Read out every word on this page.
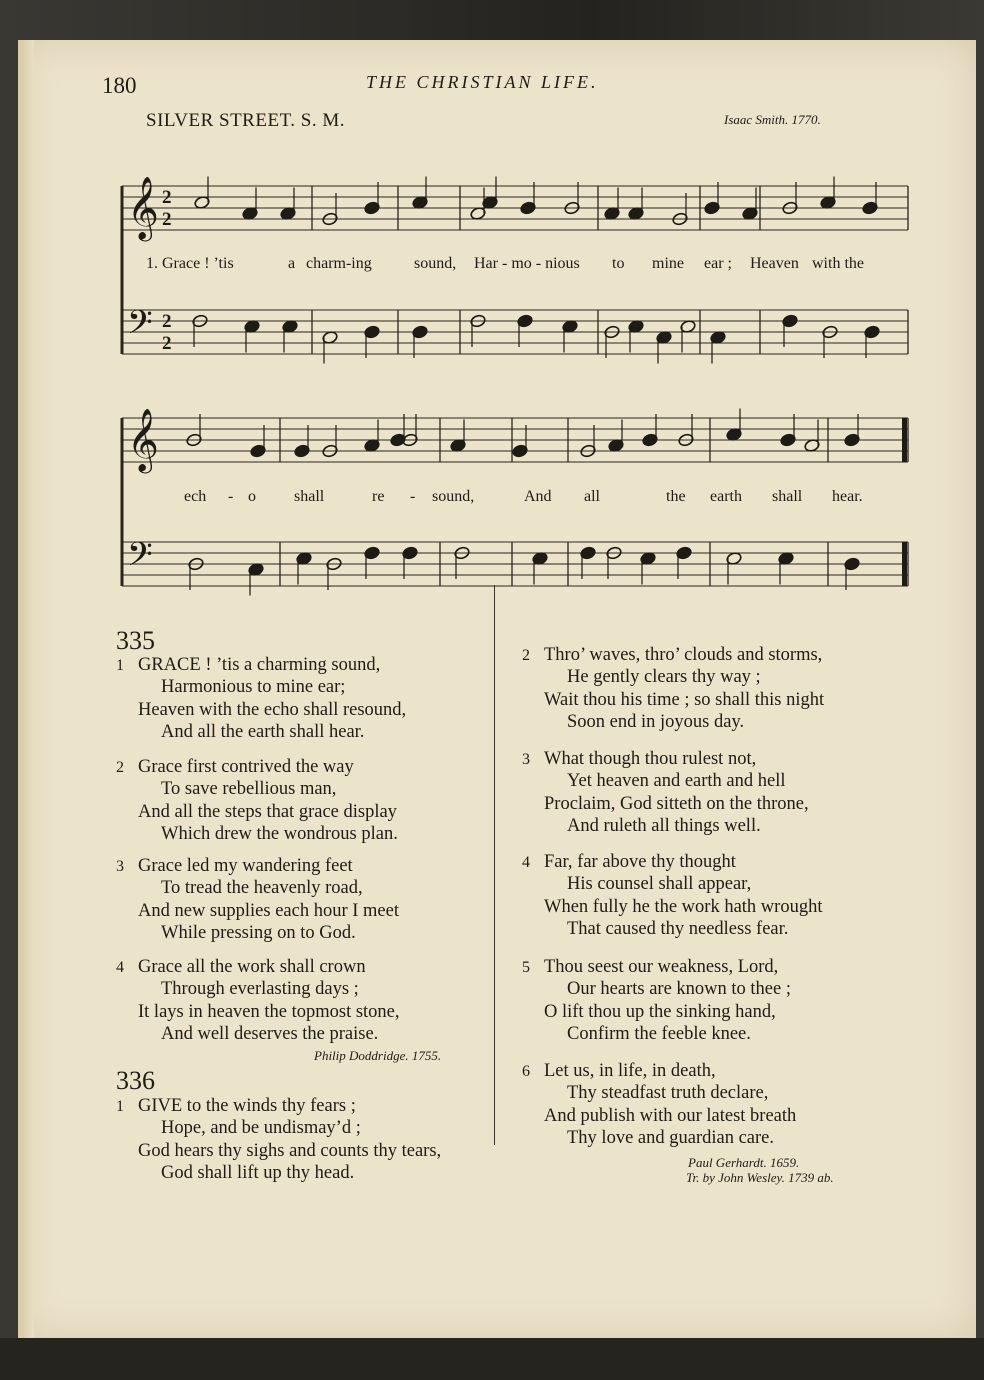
180	THE CHRISTIAN LIFE.
SILVER STREET. S. M.	Isaac Smith. 1770.
𝄞 2
2
𝄢 2
2
𝄞
𝄢
1. Grace ! ’tis	a charm-ing	sound, Har - mo - nious to mine ear ; Heaven with the
ech - o shall	re - sound,	And all	the earth shall hear.
335
1 GRACE ! ’tis a charming sound,
Harmonious to mine ear;
Heaven with the echo shall resound,
And all the earth shall hear.
2 Grace first contrived the way
To save rebellious man,
And all the steps that grace display
Which drew the wondrous plan.
3 Grace led my wandering feet
To tread the heavenly road,
And new supplies each hour I meet
While pressing on to God.
4 Grace all the work shall crown
Through everlasting days ;
It lays in heaven the topmost stone,
And well deserves the praise.
Philip Doddridge. 1755.
336
1 GIVE to the winds thy fears ;
Hope, and be undismay’d ;
God hears thy sighs and counts thy tears,
God shall lift up thy head.
2 Thro’ waves, thro’ clouds and storms,
He gently clears thy way ;
Wait thou his time ; so shall this night
Soon end in joyous day.
3 What though thou rulest not,
Yet heaven and earth and hell
Proclaim, God sitteth on the throne,
And ruleth all things well.
4 Far, far above thy thought
His counsel shall appear,
When fully he the work hath wrought
That caused thy needless fear.
5 Thou seest our weakness, Lord,
Our hearts are known to thee ;
O lift thou up the sinking hand,
Confirm the feeble knee.
6 Let us, in life, in death,
Thy steadfast truth declare,
And publish with our latest breath
Thy love and guardian care.
Paul Gerhardt. 1659.
Tr. by John Wesley. 1739 ab.
